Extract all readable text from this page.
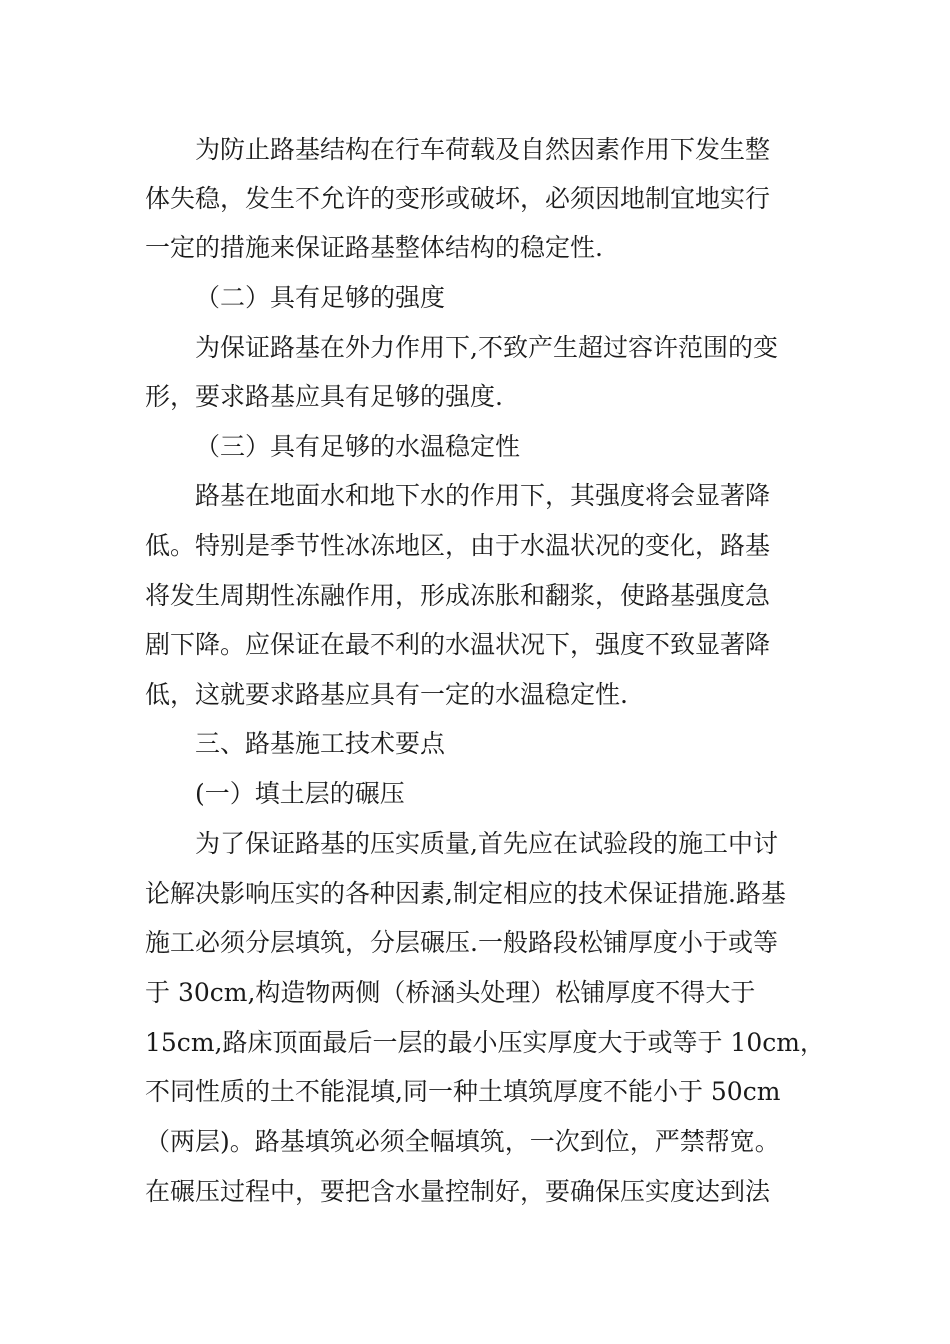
为防止路基结构在行车荷载及自然因素作用下发生整
体失稳，发生不允许的变形或破坏，必须因地制宜地实行
一定的措施来保证路基整体结构的稳定性.
（二）具有足够的强度
为保证路基在外力作用下,不致产生超过容许范围的变
形，要求路基应具有足够的强度.
（三）具有足够的水温稳定性
路基在地面水和地下水的作用下，其强度将会显著降
低。特别是季节性冰冻地区，由于水温状况的变化，路基
将发生周期性冻融作用，形成冻胀和翻浆，使路基强度急
剧下降。应保证在最不利的水温状况下，强度不致显著降
低，这就要求路基应具有一定的水温稳定性.
三、路基施工技术要点
(一）填土层的碾压
为了保证路基的压实质量,首先应在试验段的施工中讨
论解决影响压实的各种因素,制定相应的技术保证措施.路基
施工必须分层填筑，分层碾压.一般路段松铺厚度小于或等
于 30cm,构造物两侧（桥涵头处理）松铺厚度不得大于
15cm,路床顶面最后一层的最小压实厚度大于或等于 10cm，
不同性质的土不能混填,同一种土填筑厚度不能小于 50cm
（两层)。路基填筑必须全幅填筑，一次到位，严禁帮宽。
在碾压过程中，要把含水量控制好，要确保压实度达到法
